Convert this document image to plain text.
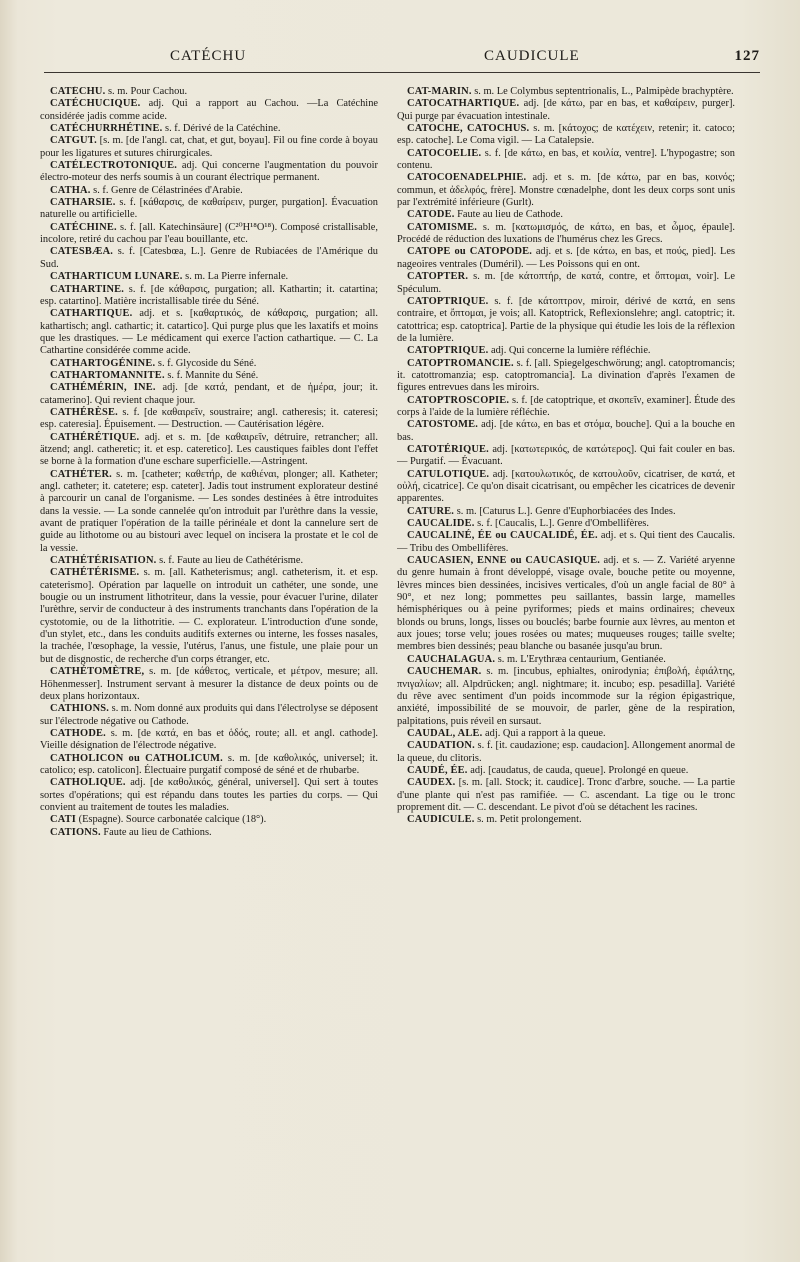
CATÉCHU	CAUDICULE	127

CATÉCHU. s. m. Pour Cachou.

CATÉCHUCIQUE. adj. Qui a rapport au Cachou. —La Catéchine considérée jadis comme acide.

CATÉCHURRHÉTINE. s. f. Dérivé de la Catéchine.

CATGUT. [s. m. [de l'angl. cat, chat, et gut, boyau]. Fil ou fine corde à boyau pour les ligatures et sutures chirurgicales.

CATÉLECTROTONIQUE. adj. Qui concerne l'augmentation du pouvoir électro-moteur des nerfs soumis à un courant électrique permanent.

CATHA. s. f. Genre de Célastrinées d'Arabie.

CATHARSIE. s. f. [κάθαρσις, de καθαίρειν, purger, purgation]. Évacuation naturelle ou artificielle.

CATÉCHINE. s. f. [all. Katechinsäure] (C²⁰H¹⁸O¹⁸). Composé cristallisable, incolore, retiré du cachou par l'eau bouillante, etc.

CATESBÆA. s. f. [Catesbœa, L.]. Genre de Rubiacées de l'Amérique du Sud.

CATHARTICUM LUNARE. s. m. La Pierre infernale.

CATHARTINE. s. f. [de κάθαρσις, purgation; all. Kathartin; it. catartina; esp. catartino]. Matière incristallisable tirée du Séné.

CATHARTIQUE. adj. et s. [καθαρτικός, de κάθαρσις, purgation; all. kathartisch; angl. cathartic; it. catartico]. Qui purge plus que les laxatifs et moins que les drastiques. — Le médicament qui exerce l'action cathartique. — C. La Cathartine considérée comme acide.

CATHARTOGÉNINE. s. f. Glycoside du Séné.

CATHARTOMANNITE. s. f. Mannite du Séné.

CATHÉMÉRIN, INE. adj. [de κατά, pendant, et de ἡμέρα, jour; it. catamerino]. Qui revient chaque jour.

CATHÉRÈSE. s. f. [de καθαιρεῖν, soustraire; angl. catheresis; it. cateresi; esp. cateresia]. Épuisement. — Destruction. — Cautérisation légère.

CATHÉRÉTIQUE. adj. et s. m. [de καθαιρεῖν, détruire, retrancher; all. ätzend; angl. catheretic; it. et esp. cateretico]. Les caustiques faibles dont l'effet se borne à la formation d'une eschare superficielle.—Astringent.

CATHÉTER. s. m. [catheter; καθετήρ, de καθιέναι, plonger; all. Katheter; angl. catheter; it. catetere; esp. cateter]. Jadis tout instrument explorateur destiné à parcourir un canal de l'organisme. — Les sondes destinées à être introduites dans la vessie. — La sonde cannelée qu'on introduit par l'urèthre dans la vessie, avant de pratiquer l'opération de la taille périnéale et dont la cannelure sert de guide au lithotome ou au bistouri avec lequel on incisera la prostate et le col de la vessie.

CATHÉTÉRISATION. s. f. Faute au lieu de Cathétérisme.

CATHÉTÉRISME. s. m. [all. Katheterismus; angl. catheterism, it. et esp. cateterismo]. Opération par laquelle on introduit un cathéter, une sonde, une bougie ou un instrument lithotriteur, dans la vessie, pour évacuer l'urine, dilater l'urèthre, servir de conducteur à des instruments tranchants dans l'opération de la cystotomie, ou de la lithotritie. — C. explorateur. L'introduction d'une sonde, d'un stylet, etc., dans les conduits auditifs externes ou interne, les fosses nasales, la trachée, l'œsophage, la vessie, l'utérus, l'anus, une fistule, une plaie pour un but de disgnostic, de recherche d'un corps étranger, etc.

CATHÉTOMÈTRE, s. m. [de κάθετος, verticale, et μέτρον, mesure; all. Höhenmesser]. Instrument servant à mesurer la distance de deux points ou de deux plans horizontaux.

CATHIONS. s. m. Nom donné aux produits qui dans l'électrolyse se déposent sur l'électrode négative ou Cathode.

CATHODE. s. m. [de κατά, en bas et ὁδός, route; all. et angl. cathode]. Vieille désignation de l'électrode négative.

CATHOLICON ou CATHOLICUM. s. m. [de καθολικός, universel; it. catolico; esp. catolicon]. Électuaire purgatif composé de séné et de rhubarbe.

CATHOLIQUE. adj. [de καθολικός, général, universel]. Qui sert à toutes sortes d'opérations; qui est répandu dans toutes les parties du corps. — Qui convient au traitement de toutes les maladies.

CATI (Espagne). Source carbonatée calcique (18°).

CATIONS. Faute au lieu de Cathions.

CAT-MARIN. s. m. Le Colymbus septentrionalis, L., Palmipède brachyptère.

CATOCATHARTIQUE. adj. [de κάτω, par en bas, et καθαίρειν, purger]. Qui purge par évacuation intestinale.

CATOCHE, CATOCHUS. s. m. [κάτοχος; de κατέχειν, retenir; it. catoco; esp. catoche]. Le Coma vigil. — La Catalepsie.

CATOCOELIE. s. f. [de κάτω, en bas, et κοιλία, ventre]. L'hypogastre; son contenu.

CATOCOENADELPHIE. adj. et s. m. [de κάτω, par en bas, κοινός; commun, et ἀδελφός, frère]. Monstre cœnadelphe, dont les deux corps sont unis par l'extrémité inférieure (Gurlt).

CATODE. Faute au lieu de Cathode.

CATOMISME. s. m. [κατωμισμός, de κάτω, en bas, et ὦμος, épaule]. Procédé de réduction des luxations de l'humérus chez les Grecs.

CATOPE ou CATOPODE. adj. et s. [de κάτω, en bas, et πούς, pied]. Les nageoires ventrales (Duméril). — Les Poissons qui en ont.

CATOPTER. s. m. [de κάτοπτήρ, de κατά, contre, et ὄπτομαι, voir]. Le Spéculum.

CATOPTRIQUE. s. f. [de κάτοπτρον, miroir, dérivé de κατά, en sens contraire, et ὄπτομαι, je vois; all. Katoptrick, Reflexionslehre; angl. catoptric; it. catottrica; esp. catoptrica]. Partie de la physique qui étudie les lois de la réflexion de la lumière.

CATOPTRIQUE. adj. Qui concerne la lumière réfléchie.

CATOPTROMANCIE. s. f. [all. Spiegelgeschwörung; angl. catoptromancis; it. catottromanzia; esp. catoptromancia]. La divination d'après l'examen de figures entrevues dans les miroirs.

CATOPTROSCOPIE. s. f. [de catoptrique, et σκοπεῖν, examiner]. Étude des corps à l'aide de la lumière réfléchie.

CATOSTOME. adj. [de κάτω, en bas et στόμα, bouche]. Qui a la bouche en bas.

CATOTÉRIQUE. adj. [κατωτερικός, de κατώτερος]. Qui fait couler en bas. — Purgatif. — Évacuant.

CATULOTIQUE. adj. [κατουλωτικός, de κατουλοῦν, cicatriser, de κατά, et οὐλή, cicatrice]. Ce qu'on disait cicatrisant, ou empêcher les cicatrices de devenir apparentes.

CATURE. s. m. [Caturus L.]. Genre d'Euphorbiacées des Indes.

CAUCALIDE. s. f. [Caucalis, L.]. Genre d'Ombellifères.

CAUCALINÉ, ÉE ou CAUCALIDÉ, ÉE. adj. et s. Qui tient des Caucalis. — Tribu des Ombellifères.

CAUCASIEN, ENNE ou CAUCASIQUE. adj. et s. — Z. Variété aryenne du genre humain à front développé, visage ovale, bouche petite ou moyenne, lèvres minces bien dessinées, incisives verticales, d'où un angle facial de 80° à 90°, et nez long; pommettes peu saillantes, bassin large, mamelles hémisphériques ou à peine pyriformes; pieds et mains ordinaires; cheveux blonds ou bruns, longs, lisses ou bouclés; barbe fournie aux lèvres, au menton et aux joues; torse velu; joues rosées ou mates; muqueuses rouges; taille svelte; membres bien dessinés; peau blanche ou basanée jusqu'au brun.

CAUCHALAGUA. s. m. L'Erythræa centaurium, Gentianée.

CAUCHEMAR. s. m. [incubus, ephialtes, onirodynia; ἐπιβολή, ἐφιάλτης, πνιγαλίων; all. Alpdrücken; angl. nightmare; it. incubo; esp. pesadilla]. Variété du rêve avec sentiment d'un poids incommode sur la région épigastrique, anxiété, impossibilité de se mouvoir, de parler, gène de la respiration, palpitations, puis réveil en sursaut.

CAUDAL, ALE. adj. Qui a rapport à la queue.

CAUDATION. s. f. [it. caudazione; esp. caudacion]. Allongement anormal de la queue, du clitoris.

CAUDÉ, ÉE. adj. [caudatus, de cauda, queue]. Prolongé en queue.

CAUDEX. [s. m. [all. Stock; it. caudice]. Tronc d'arbre, souche. — La partie d'une plante qui n'est pas ramifiée. — C. ascendant. La tige ou le tronc proprement dit. — C. descendant. Le pivot d'où se détachent les racines.

CAUDICULE. s. m. Petit prolongement.
